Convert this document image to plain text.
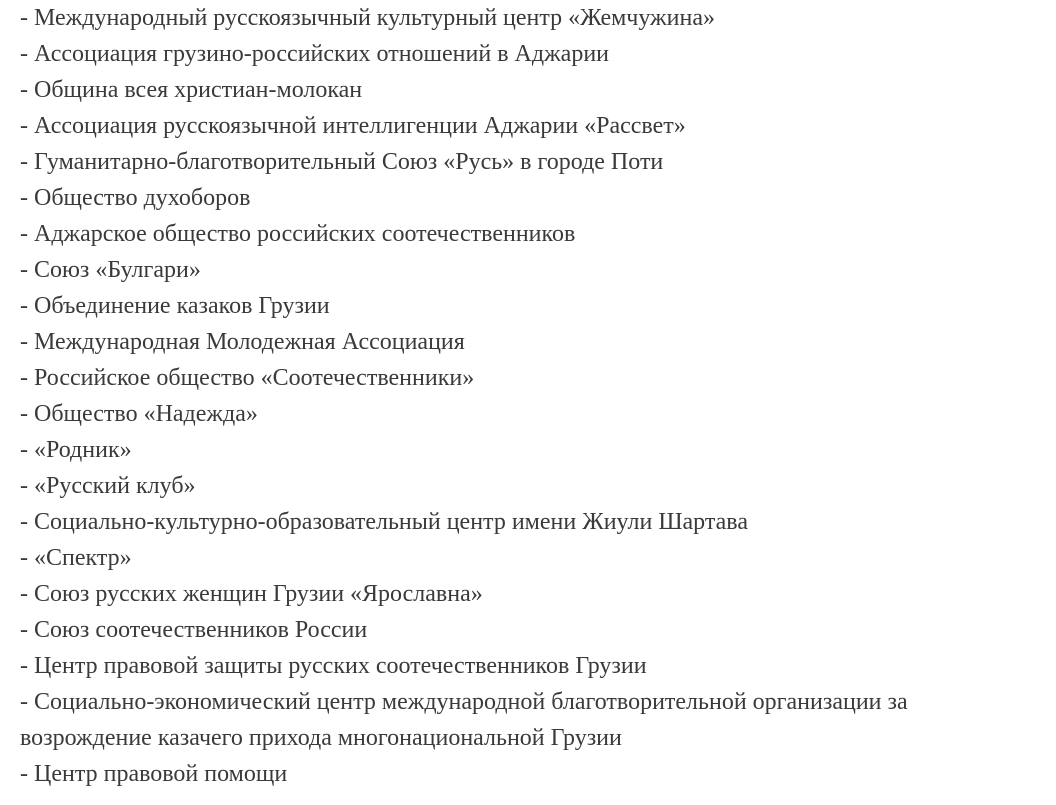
- Международный русскоязычный культурный центр «Жемчужина»
- Ассоциация грузино-российских отношений в Аджарии
- Община всея христиан-молокан
- Ассоциация русскоязычной интеллигенции Аджарии «Рассвет»
- Гуманитарно-благотворительный Союз «Русь» в городе Поти
- Общество духоборов
- Аджарское общество российских соотечественников
- Союз «Булгари»
- Объединение казаков Грузии
- Международная Молодежная Ассоциация
- Российское общество «Соотечественники»
- Общество «Надежда»
- «Родник»
- «Русский клуб»
- Социально-культурно-образовательный центр имени Жиули Шартава
- «Спектр»
- Союз русских женщин Грузии «Ярославна»
- Союз соотечественников России
- Центр правовой защиты русских соотечественников Грузии
- Социально-экономический центр международной благотворительной организации за возрождение казачего прихода многонациональной Грузии
- Центр правовой помощи
